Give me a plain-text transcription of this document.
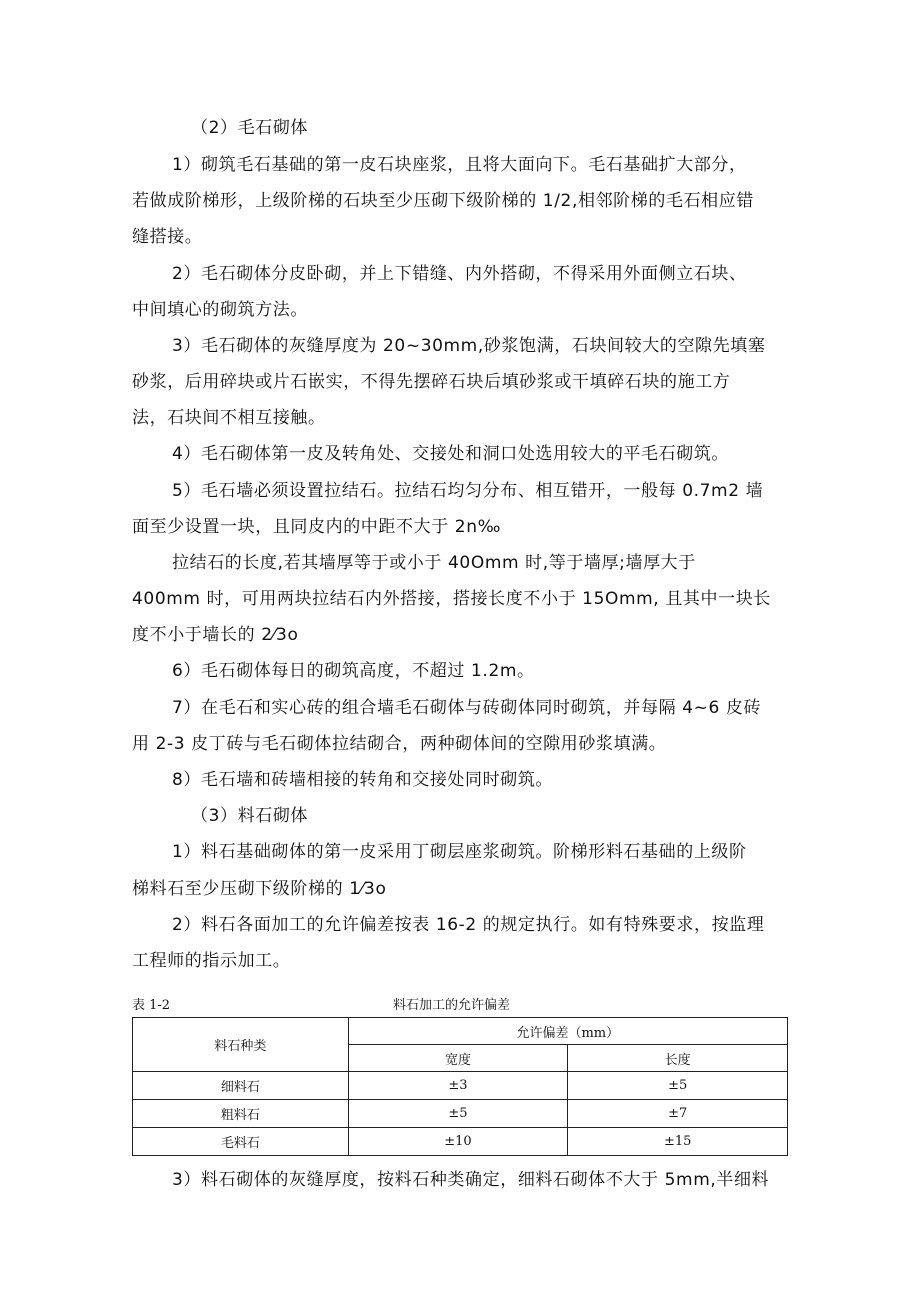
（2）毛石砌体
1）砌筑毛石基础的第一皮石块座浆，且将大面向下。毛石基础扩大部分，
若做成阶梯形，上级阶梯的石块至少压砌下级阶梯的 1/2,相邻阶梯的毛石相应错
缝搭接。
2）毛石砌体分皮卧砌，并上下错缝、内外搭砌，不得采用外面侧立石块、
中间填心的砌筑方法。
3）毛石砌体的灰缝厚度为 20~30mm,砂浆饱满，石块间较大的空隙先填塞
砂浆，后用碎块或片石嵌实，不得先摆碎石块后填砂浆或干填碎石块的施工方
法，石块间不相互接触。
4）毛石砌体第一皮及转角处、交接处和洞口处选用较大的平毛石砌筑。
5）毛石墙必须设置拉结石。拉结石均匀分布、相互错开，一般每 0.7m2 墙
面至少设置一块，且同皮内的中距不大于 2n‰
拉结石的长度,若其墙厚等于或小于 40Omm 时,等于墙厚;墙厚大于
400mm 时，可用两块拉结石内外搭接，搭接长度不小于 15Omm, 且其中一块长
度不小于墙长的 2⁄3o
6）毛石砌体每日的砌筑高度，不超过 1.2m。
7）在毛石和实心砖的组合墙毛石砌体与砖砌体同时砌筑，并每隔 4~6 皮砖
用 2-3 皮丁砖与毛石砌体拉结砌合，两种砌体间的空隙用砂浆填满。
8）毛石墙和砖墙相接的转角和交接处同时砌筑。
（3）料石砌体
1）料石基础砌体的第一皮采用丁砌层座浆砌筑。阶梯形料石基础的上级阶
梯料石至少压砌下级阶梯的 1⁄3o
2）料石各面加工的允许偏差按表 16-2 的规定执行。如有特殊要求，按监理
工程师的指示加工。
表 1-2	料石加工的允许偏差
料石种类	允许偏差（mm）	
	宽度	长度
细料石	±3	±5
粗料石	±5	±7
毛料石	±10	±15
3）料石砌体的灰缝厚度，按料石种类确定，细料石砌体不大于 5mm,半细料
